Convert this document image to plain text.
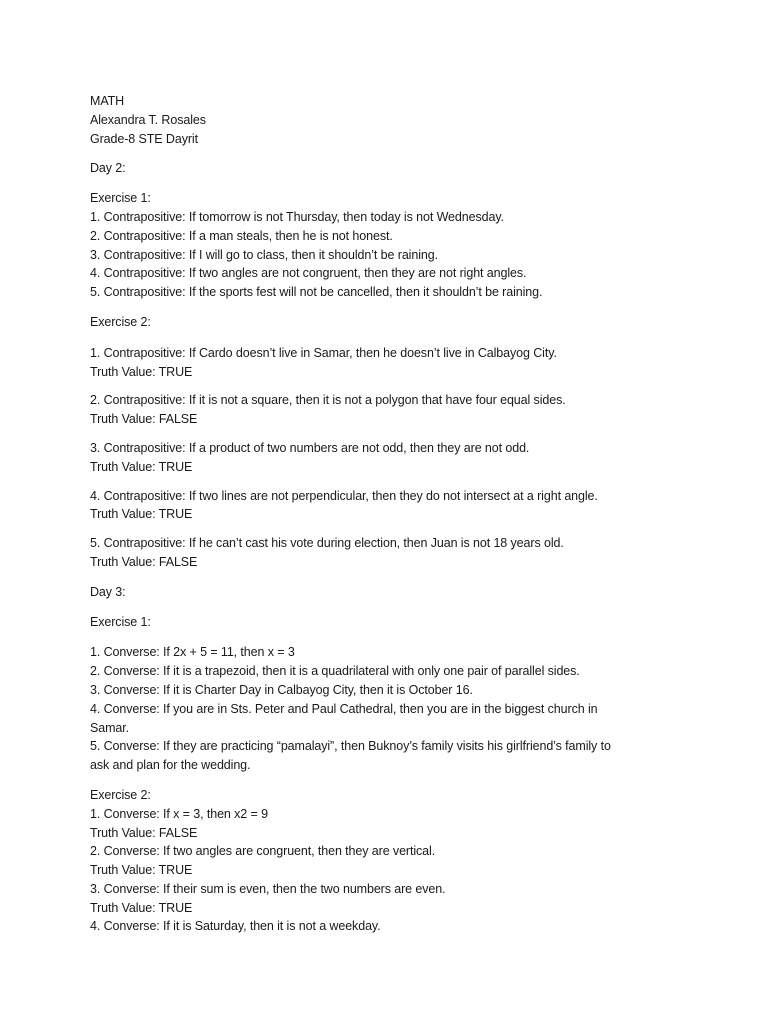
MATH
Alexandra T. Rosales
Grade-8 STE Dayrit
Day 2:
Exercise 1:
1. Contrapositive: If tomorrow is not Thursday, then today is not Wednesday.
2. Contrapositive: If a man steals, then he is not honest.
3. Contrapositive: If I will go to class, then it shouldn’t be raining.
4. Contrapositive: If two angles are not congruent, then they are not right angles.
5. Contrapositive: If the sports fest will not be cancelled, then it shouldn’t be raining.
Exercise 2:
1. Contrapositive: If Cardo doesn’t live in Samar, then he doesn’t live in Calbayog City.
Truth Value: TRUE
2. Contrapositive: If it is not a square, then it is not a polygon that have four equal sides.
Truth Value: FALSE
3. Contrapositive: If a product of two numbers are not odd, then they are not odd.
Truth Value: TRUE
4. Contrapositive: If two lines are not perpendicular, then they do not intersect at a right angle.
Truth Value: TRUE
5. Contrapositive: If he can’t cast his vote during election, then Juan is not 18 years old.
Truth Value: FALSE
Day 3:
Exercise 1:
1. Converse: If 2x + 5 = 11, then x = 3
2. Converse: If it is a trapezoid, then it is a quadrilateral with only one pair of parallel sides.
3. Converse: If it is Charter Day in Calbayog City, then it is October 16.
4. Converse: If you are in Sts. Peter and Paul Cathedral, then you are in the biggest church in
Samar.
5. Converse: If they are practicing “pamalayi”, then Buknoy’s family visits his girlfriend’s family to
ask and plan for the wedding.
Exercise 2:
1. Converse: If x = 3, then x2 = 9
Truth Value: FALSE
2. Converse: If two angles are congruent, then they are vertical.
Truth Value: TRUE
3. Converse: If their sum is even, then the two numbers are even.
Truth Value: TRUE
4. Converse: If it is Saturday, then it is not a weekday.
